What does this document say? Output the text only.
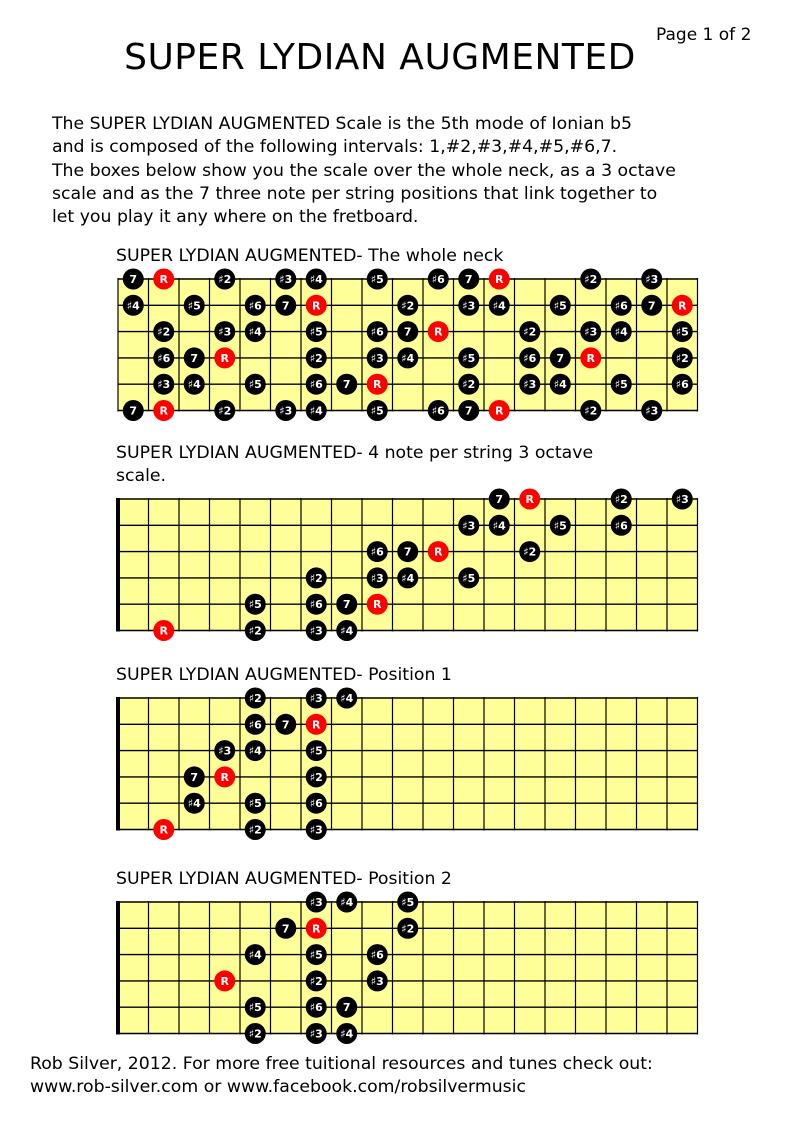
Page 1 of 2
SUPER LYDIAN AUGMENTED

The SUPER LYDIAN AUGMENTED Scale is the 5th mode of Ionian b5
and is composed of the following intervals: 1,#2,#3,#4,#5,#6,7.
The boxes below show you the scale over the whole neck, as a 3 octave
scale and as the 7 three note per string positions that link together to
let you play it any where on the fretboard.

SUPER LYDIAN AUGMENTED- The whole neck
7 R	♯2	♯3 ♯4	♯5	♯6 7 R	♯2	♯3
♯4	♯5	♯6 7 R	♯2	♯3 ♯4	♯5	♯6 7 R
♯2	♯3 ♯4	♯5	♯6 7 R	♯2	♯3 ♯4	♯5
♯6 7 R	♯2	♯3 ♯4	♯5	♯6 7 R	♯2
♯3 ♯4	♯5	♯6 7 R	♯2	♯3 ♯4	♯5	♯6
7 R	♯2	♯3 ♯4	♯5	♯6 7 R	♯2	♯3
SUPER LYDIAN AUGMENTED- 4 note per string 3 octave
scale.
7 R	♯2	♯3
♯3 ♯4	♯5	♯6
♯6 7 R	♯2
♯2	♯3 ♯4	♯5
♯5	♯6 7 R
R	♯2	♯3 ♯4
SUPER LYDIAN AUGMENTED- Position 1
♯2	♯3 ♯4
♯6 7 R
♯3 ♯4	♯5
7 R	♯2
♯4	♯5	♯6
R	♯2	♯3
SUPER LYDIAN AUGMENTED- Position 2
♯3 ♯4	♯5
7 R	♯2
♯4	♯5	♯6
R	♯2	♯3
♯5	♯6 7
♯2	♯3 ♯4
Rob Silver, 2012. For more free tuitional resources and tunes check out:
www.rob-silver.com or www.facebook.com/robsilvermusic
